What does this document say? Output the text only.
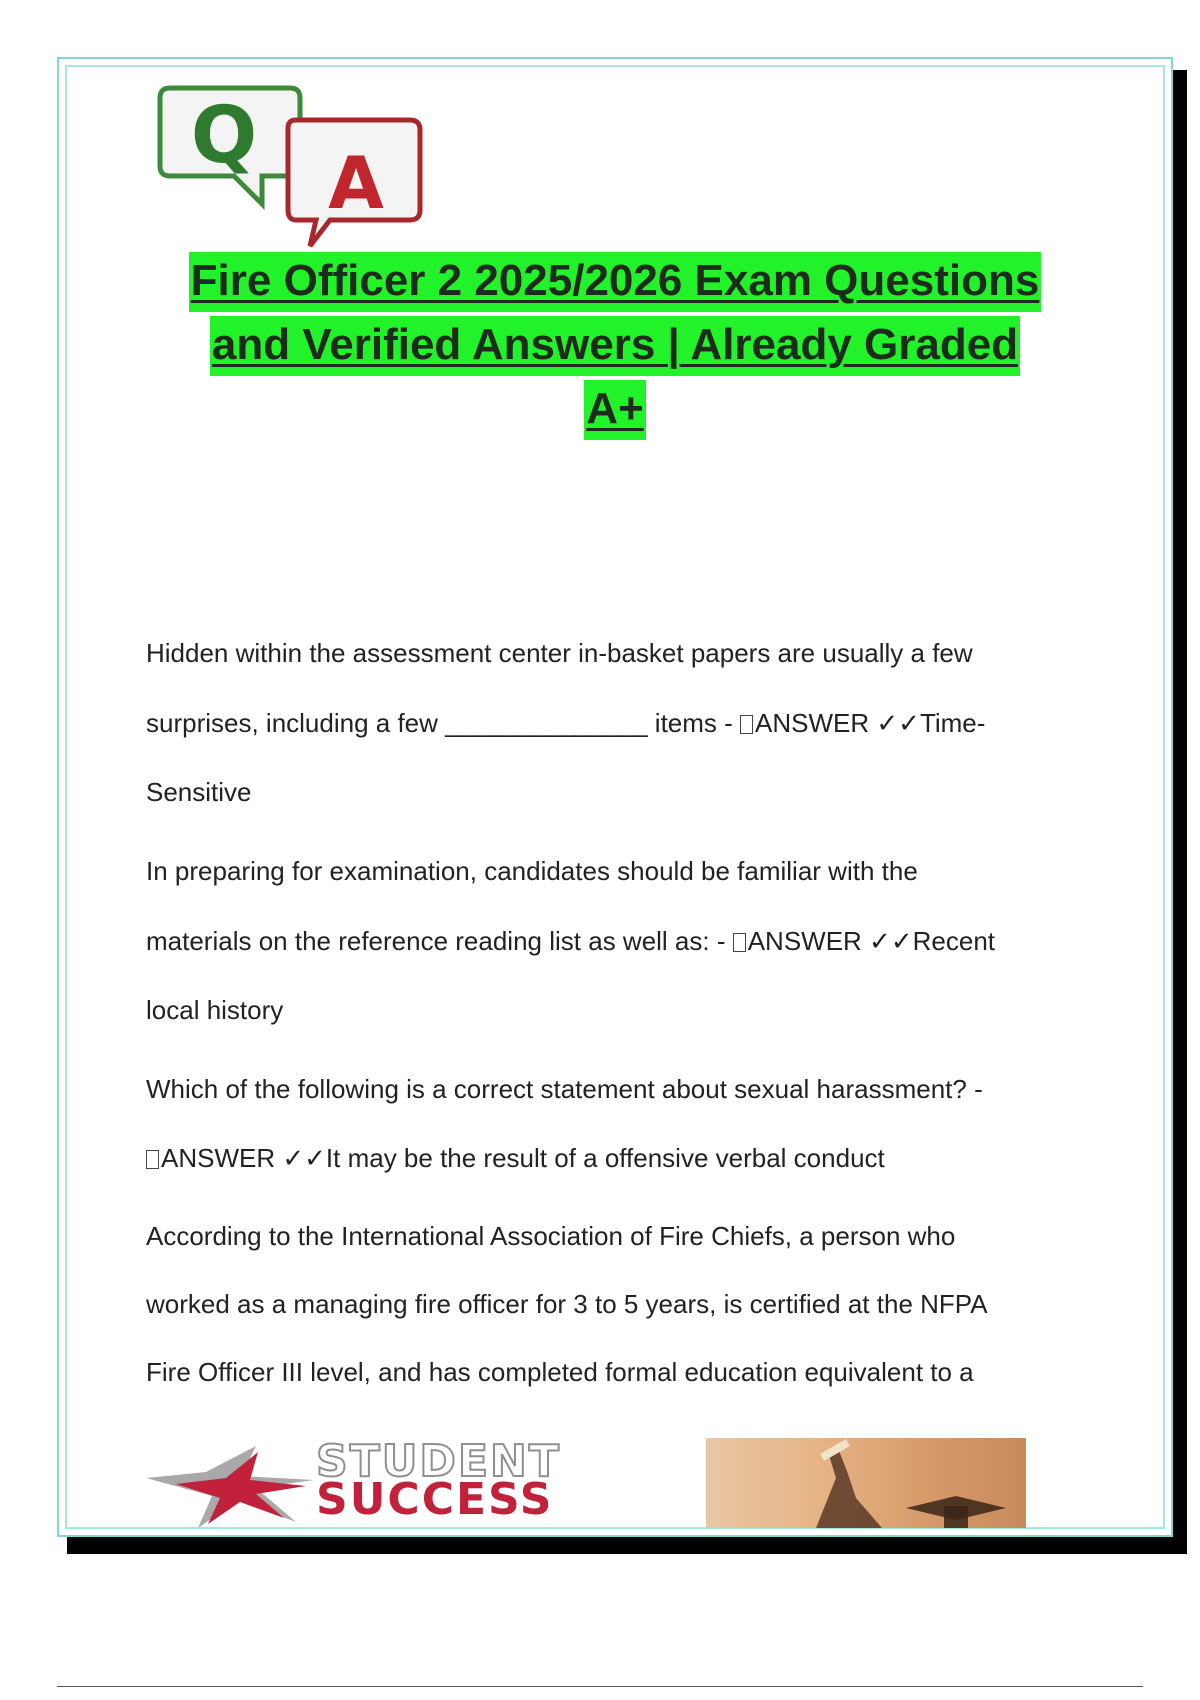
Q
A
Fire Officer 2 2025/2026 Exam Questions
and Verified Answers | Already Graded
A+
Hidden within the assessment center in-basket papers are usually a few
surprises, including a few ______________ items - ANSWER ✓✓Time-
Sensitive
In preparing for examination, candidates should be familiar with the
materials on the reference reading list as well as: - ANSWER ✓✓Recent
local history
Which of the following is a correct statement about sexual harassment? -
ANSWER ✓✓It may be the result of a offensive verbal conduct
According to the International Association of Fire Chiefs, a person who
worked as a managing fire officer for 3 to 5 years, is certified at the NFPA
Fire Officer III level, and has completed formal education equivalent to a
STUDENT
SUCCESS
